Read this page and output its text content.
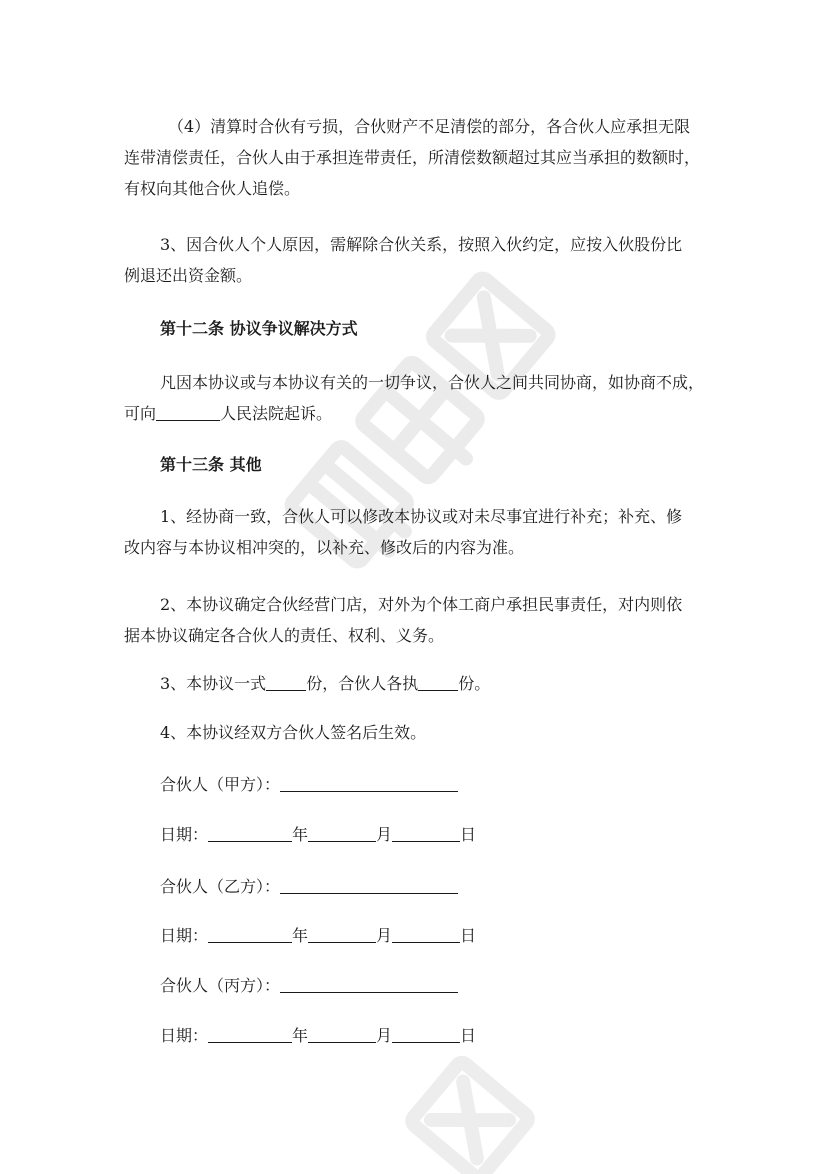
（4）清算时合伙有亏损，合伙财产不足清偿的部分，各合伙人应承担无限
连带清偿责任，合伙人由于承担连带责任，所清偿数额超过其应当承担的数额时，
有权向其他合伙人追偿。
3、因合伙人个人原因，需解除合伙关系，按照入伙约定，应按入伙股份比
例退还出资金额。
第十二条 协议争议解决方式
凡因本协议或与本协议有关的一切争议，合伙人之间共同协商，如协商不成，
可向	人民法院起诉。
第十三条 其他
1、经协商一致，合伙人可以修改本协议或对未尽事宜进行补充；补充、修
改内容与本协议相冲突的，以补充、修改后的内容为准。
2、本协议确定合伙经营门店，对外为个体工商户承担民事责任，对内则依
据本协议确定各合伙人的责任、权利、义务。
3、本协议一式	份，合伙人各执	份。
4、本协议经双方合伙人签名后生效。
合伙人（甲方）：
日期：	年	月	日
合伙人（乙方）：
日期：	年	月	日
合伙人（丙方）：
日期：	年	月	日
